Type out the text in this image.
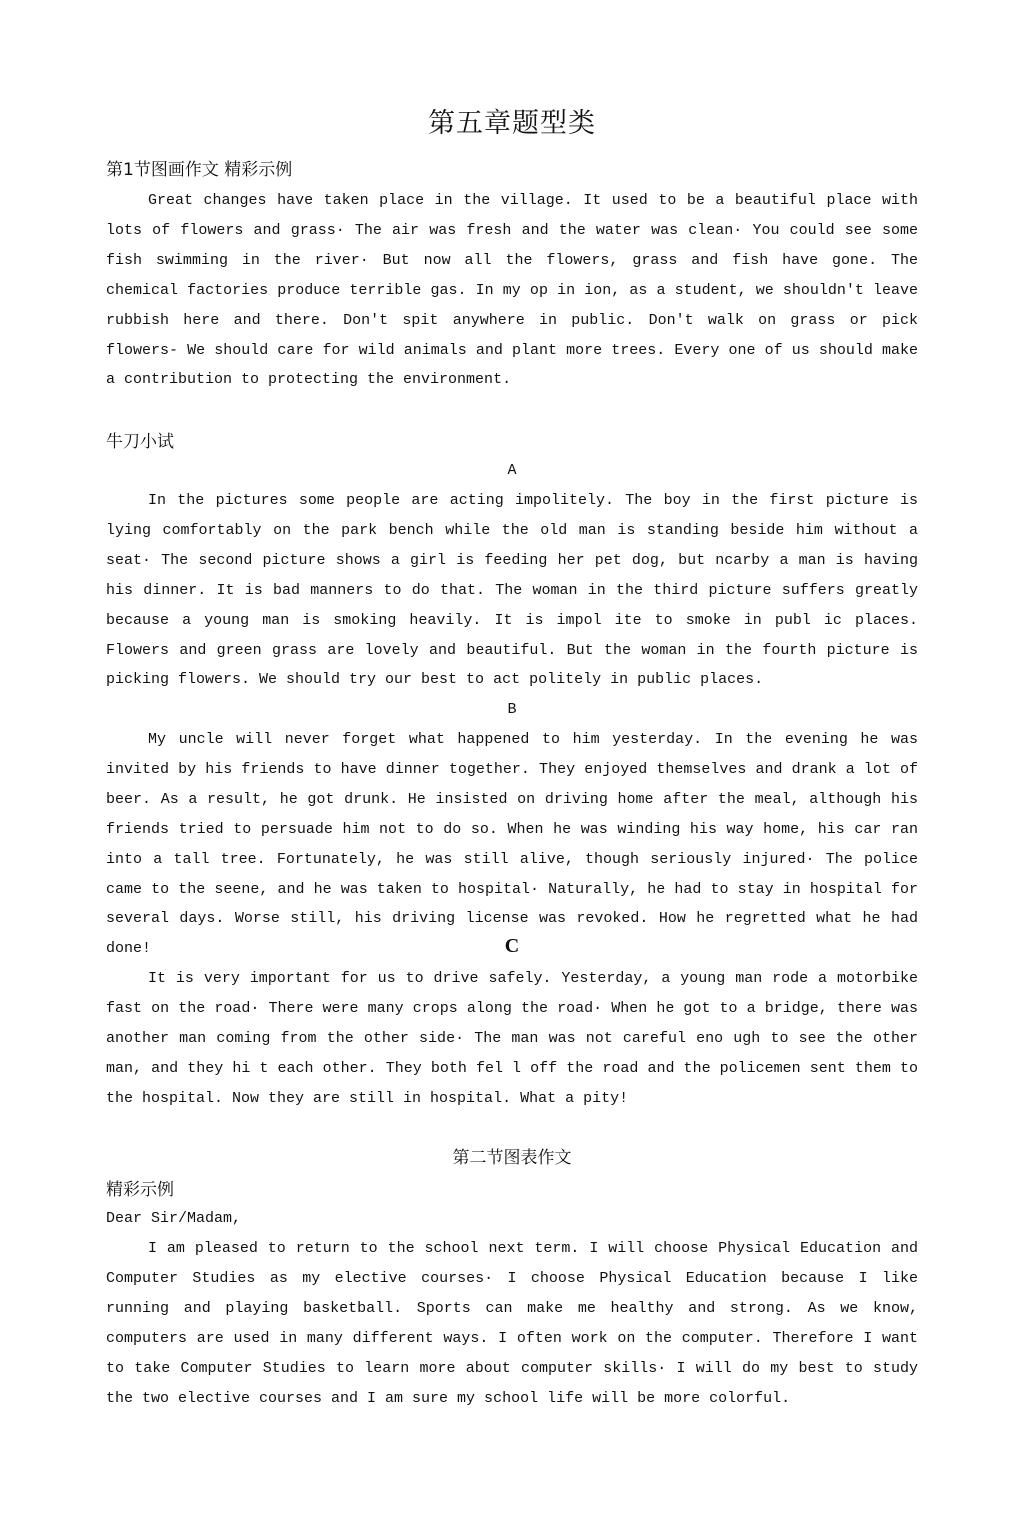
第五章题型类
第1节图画作文 精彩示例

Great changes have taken place in the village. It used to be a beautiful place with lots of flowers and grass· The air was fresh and the water was clean· You could see some fish swimming in the river· But now all the flowers, grass and fish have gone. The chemical factories produce terrible gas. In my op in ion, as a student, we shouldn't leave rubbish here and there. Don't spit anywhere in public. Don't walk on grass or pick flowers- We should care for wild animals and plant more trees. Every one of us should make a contribution to protecting the environment.

牛刀小试
A

In the pictures some people are acting impolitely. The boy in the first picture is lying comfortably on the park bench while the old man is standing beside him without a seat· The second picture shows a girl is feeding her pet dog, but ncarby a man is having his dinner. It is bad manners to do that. The woman in the third picture suffers greatly because a young man is smoking heavily. It is impol ite to smoke in publ ic places. Flowers and green grass are lovely and beautiful. But the woman in the fourth picture is picking flowers. We should try our best to act politely in public places.

B

My uncle will never forget what happened to him yesterday. In the evening he was invited by his friends to have dinner together. They enjoyed themselves and drank a lot of beer. As a result, he got drunk. He insisted on driving home after the meal, although his friends tried to persuade him not to do so. When he was winding his way home, his car ran into a tall tree. Fortunately, he was still alive, though seriously injured· The police came to the seene, and he was taken to hospital· Naturally, he had to stay in hospital for several days. Worse still, his driving license was revoked. How he regretted what he had done!	C

It is very important for us to drive safely. Yesterday, a young man rode a motorbike fast on the road· There were many crops along the road· When he got to a bridge, there was another man coming from the other side· The man was not careful eno ugh to see the other man, and they hi t each other. They both fel l off the road and the policemen sent them to the hospital. Now they are still in hospital. What a pity!

第二节图表作文
精彩示例
Dear Sir/Madam,

I am pleased to return to the school next term. I will choose Physical Education and Computer Studies as my elective courses· I choose Physical Education because I like running and playing basketball. Sports can make me healthy and strong. As we know, computers are used in many different ways. I often work on the computer. Therefore I want to take Computer Studies to learn more about computer skills· I will do my best to study the two elective courses and I am sure my school life will be more colorful.
